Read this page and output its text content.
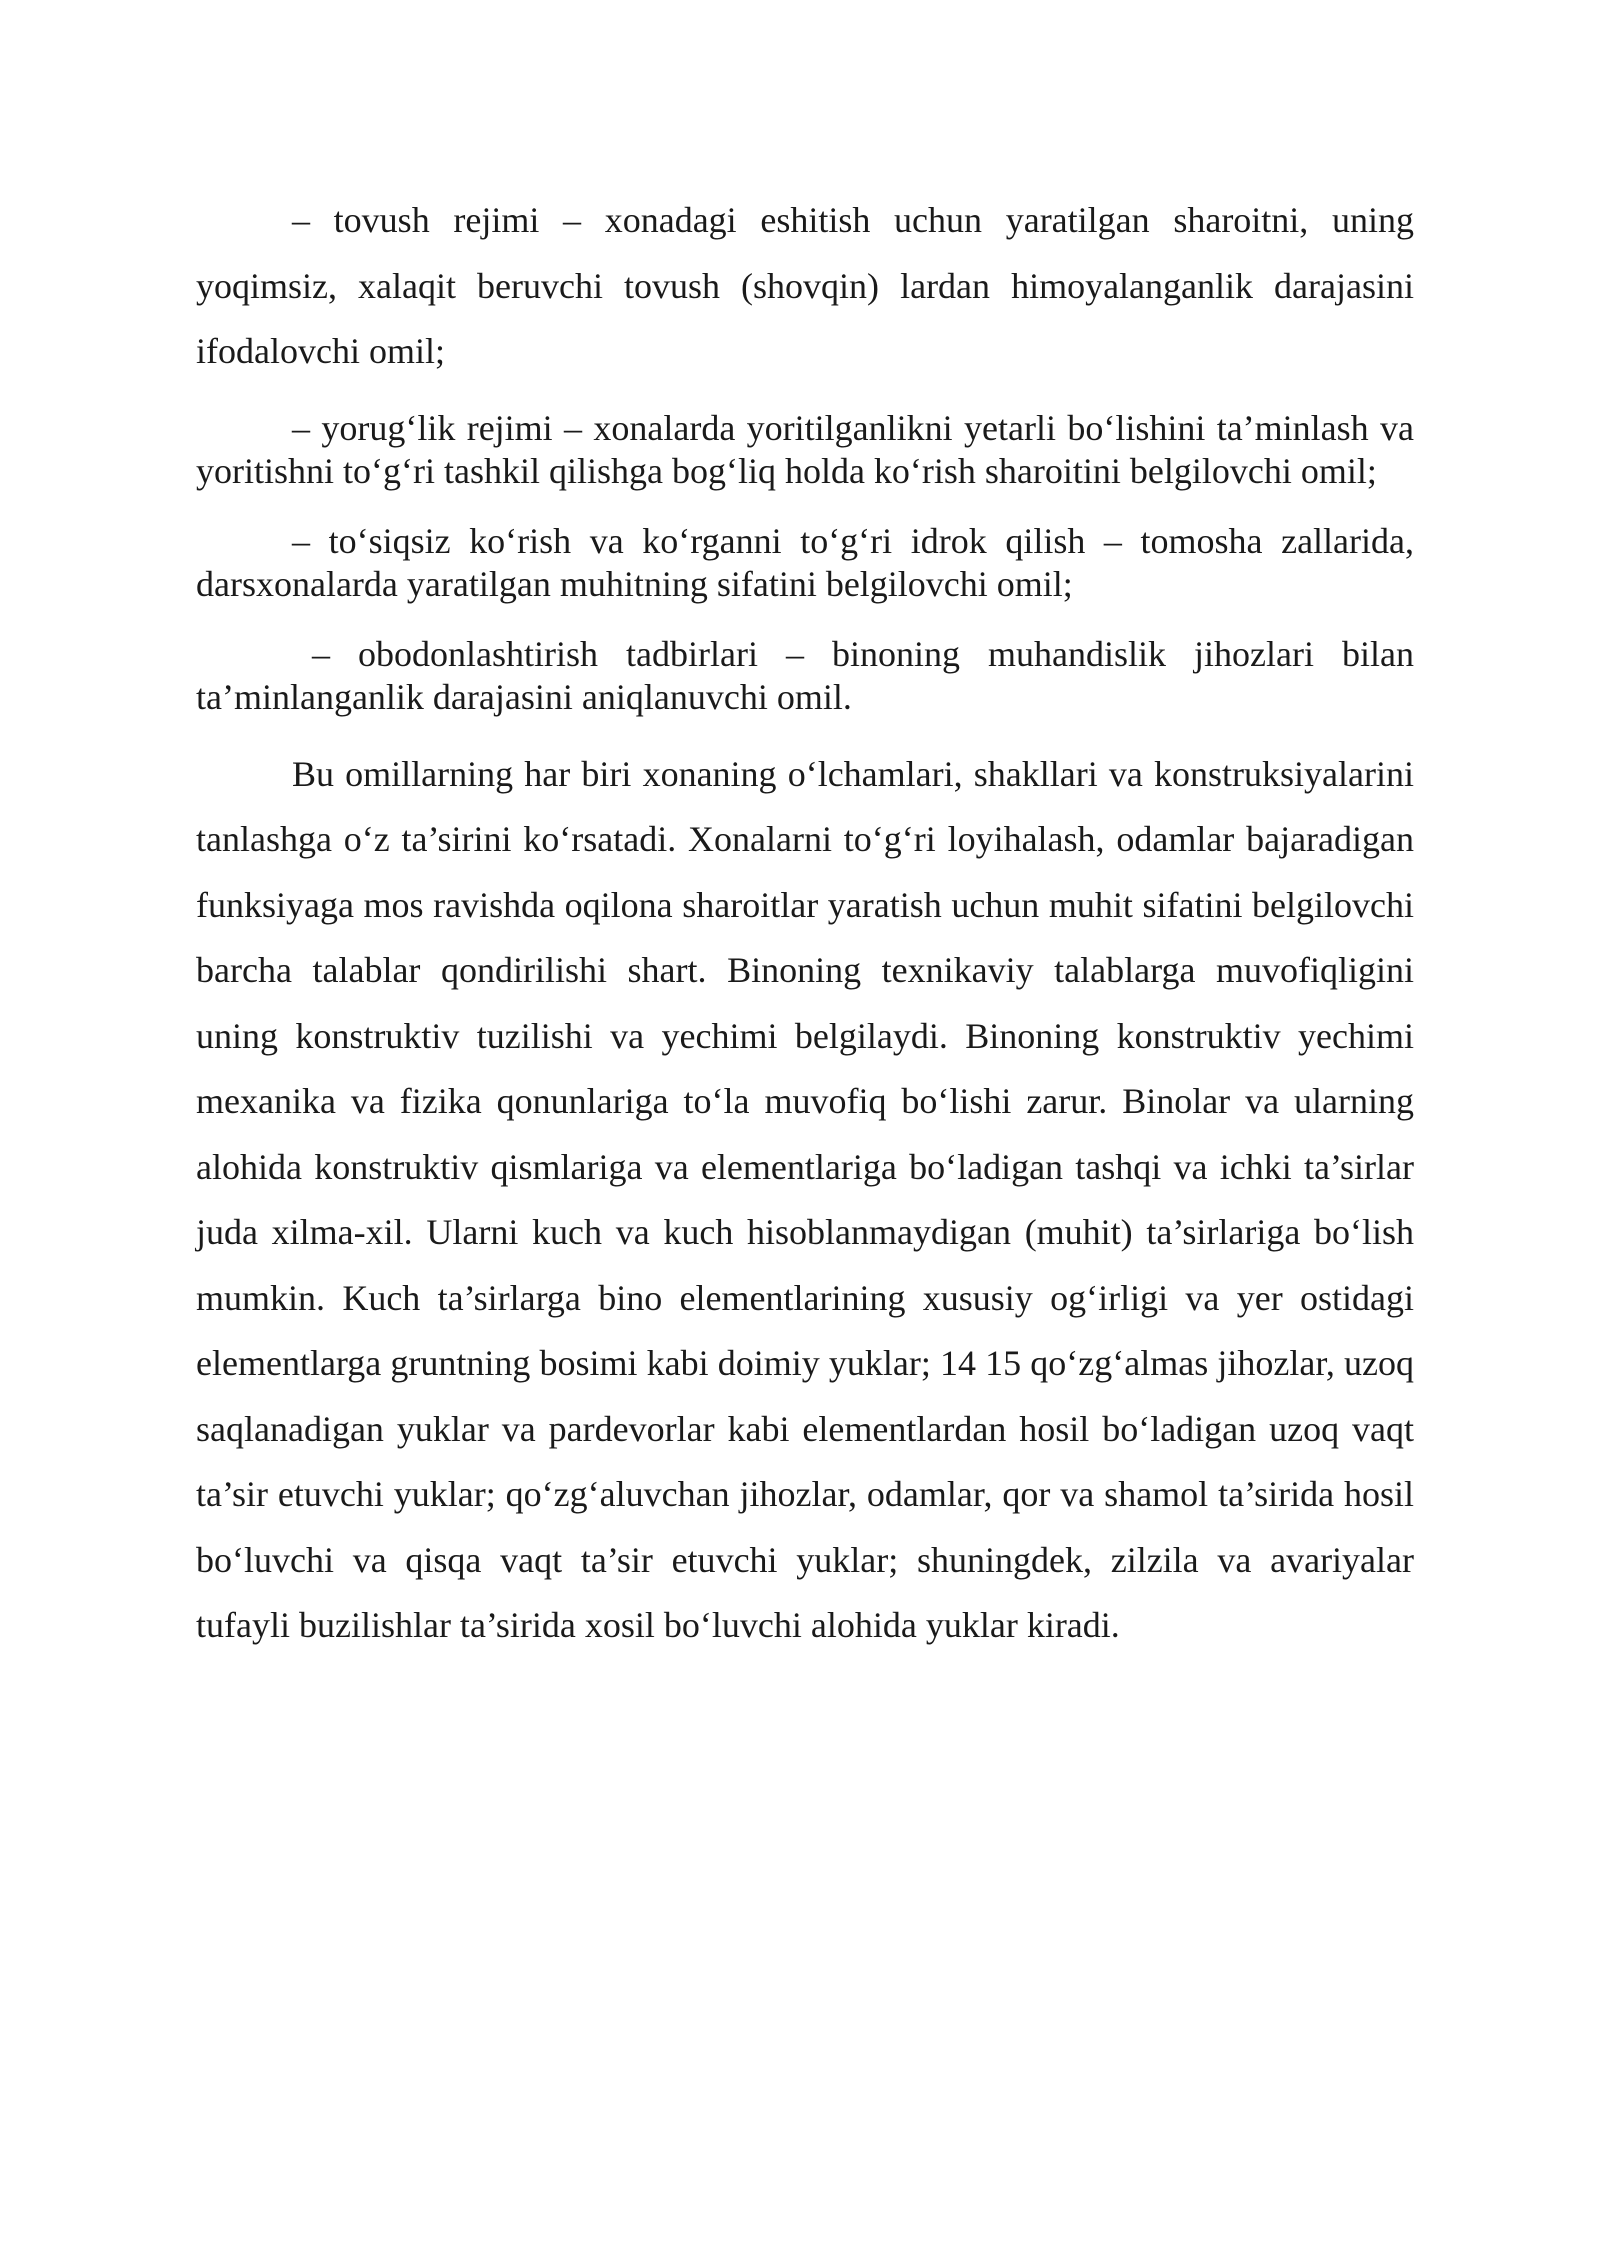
– tovush rejimi – xonadagi eshitish uchun yaratilgan sharoitni, uning yoqimsiz, xalaqit beruvchi tovush (shovqin) lardan himoyalanganlik darajasini ifodalovchi omil;

– yorug‘lik rejimi – xonalarda yoritilganlikni yetarli bo‘lishini ta’minlash va yoritishni to‘g‘ri tashkil qilishga bog‘liq holda ko‘rish sharoitini belgilovchi omil;

– to‘siqsiz ko‘rish va ko‘rganni to‘g‘ri idrok qilish – tomosha zallarida, darsxonalarda yaratilgan muhitning sifatini belgilovchi omil;

– obodonlashtirish tadbirlari – binoning muhandislik jihozlari bilan ta’minlanganlik darajasini aniqlanuvchi omil.

Bu omillarning har biri xonaning o‘lchamlari, shakllari va konstruksiyalarini tanlashga o‘z ta’sirini ko‘rsatadi. Xonalarni to‘g‘ri loyihalash, odamlar bajaradigan funksiyaga mos ravishda oqilona sharoitlar yaratish uchun muhit sifatini belgilovchi barcha talablar qondirilishi shart. Binoning texnikaviy talablarga muvofiqligini uning konstruktiv tuzilishi va yechimi belgilaydi. Binoning konstruktiv yechimi mexanika va fizika qonunlariga to‘la muvofiq bo‘lishi zarur. Binolar va ularning alohida konstruktiv qismlariga va elementlariga bo‘ladigan tashqi va ichki ta’sirlar juda xilma-xil. Ularni kuch va kuch hisoblanmaydigan (muhit) ta’sirlariga bo‘lish mumkin. Kuch ta’sirlarga bino elementlarining xususiy og‘irligi va yer ostidagi elementlarga gruntning bosimi kabi doimiy yuklar; 14 15 qo‘zg‘almas jihozlar, uzoq saqlanadigan yuklar va pardevorlar kabi elementlardan hosil bo‘ladigan uzoq vaqt ta’sir etuvchi yuklar; qo‘zg‘aluvchan jihozlar, odamlar, qor va shamol ta’sirida hosil bo‘luvchi va qisqa vaqt ta’sir etuvchi yuklar; shuningdek, zilzila va avariyalar tufayli buzilishlar ta’sirida xosil bo‘luvchi alohida yuklar kiradi.
